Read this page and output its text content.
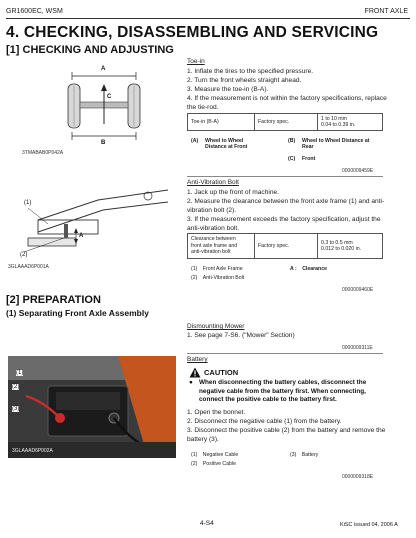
GR1600EC, WSM	FRONT AXLE
4. CHECKING, DISASSEMBLING AND SERVICING
[1] CHECKING AND ADJUSTING
A
C
B
3TMABAB0P042A
Toe-in
1. Inflate the tires to the specified pressure.
2. Turn the front wheels straight ahead.
3. Measure the toe-in (B-A).
4. If the measurement is not within the factory specifications, replace the tie-rod.
Toe-in (B-A)	Factory spec.	1 to 10 mm
0.04 to 0.39 in.
(A) Wheel to Wheel Distance at Front
(B) Wheel to Wheel Distance at Rear
(C) Front
0000009459E
(1)
(2)
A
3GLAAAD6P001A
Anti-Vibration Bolt
1. Jack up the front of machine.
2. Measure the clearance between the front axle frame (1) and anti-vibration bolt (2).
3. If the measurement exceeds the factory specification, adjust the anti-vibration bolt.
Clearance between
front axle frame and
anti-vibration bolt
	Factory spec.	0.3 to 0.5 mm
0.012 to 0.020 in.
(1) Front Axle Frame	A : Clearance
(2) Anti-Vibration Bolt
0000009460E
[2] PREPARATION
(1) Separating Front Axle Assembly
Dismounting Mower
1. See page 7-S6. ("Mower" Section)
0000009311E
(1)
(2)
(3)
3GLAAAD6P002A
Battery
CAUTION
● When disconnecting the battery cables, disconnect the negative cable from the battery first. When connecting, connect the positive cable to the battery first.
1. Open the bonnet.
2. Disconnect the negative cable (1) from the battery.
3. Disconnect the positive cable (2) from the battery and remove the battery (3).
(1) Negative Cable	(3) Battery
(2) Positive Cable
0000009318E
4-S4	KiSC issued 04, 2006 A
